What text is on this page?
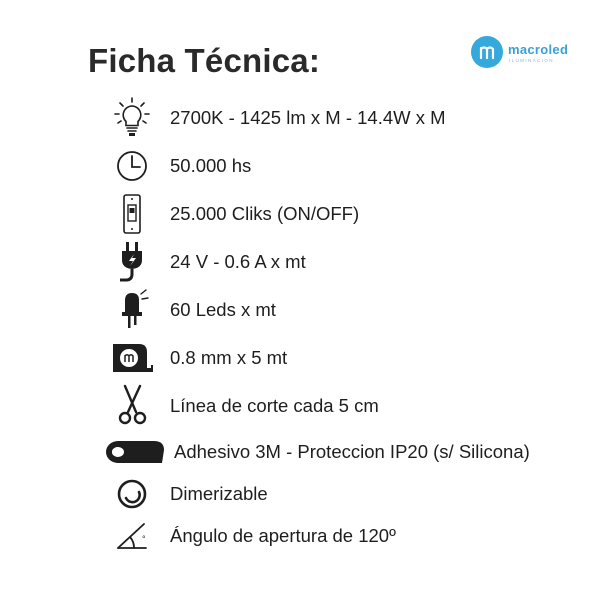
Ficha Técnica:	macroled
ILUMINACION
2700K - 1425 lm x M - 14.4W x M
50.000 hs
25.000 Cliks (ON/OFF)
24 V - 0.6 A x mt
60 Leds x mt
0.8 mm x 5 mt
Línea de corte cada 5 cm
Adhesivo 3M - Proteccion IP20 (s/ Silicona)
Dimerizable
° Ángulo de apertura de 120º
